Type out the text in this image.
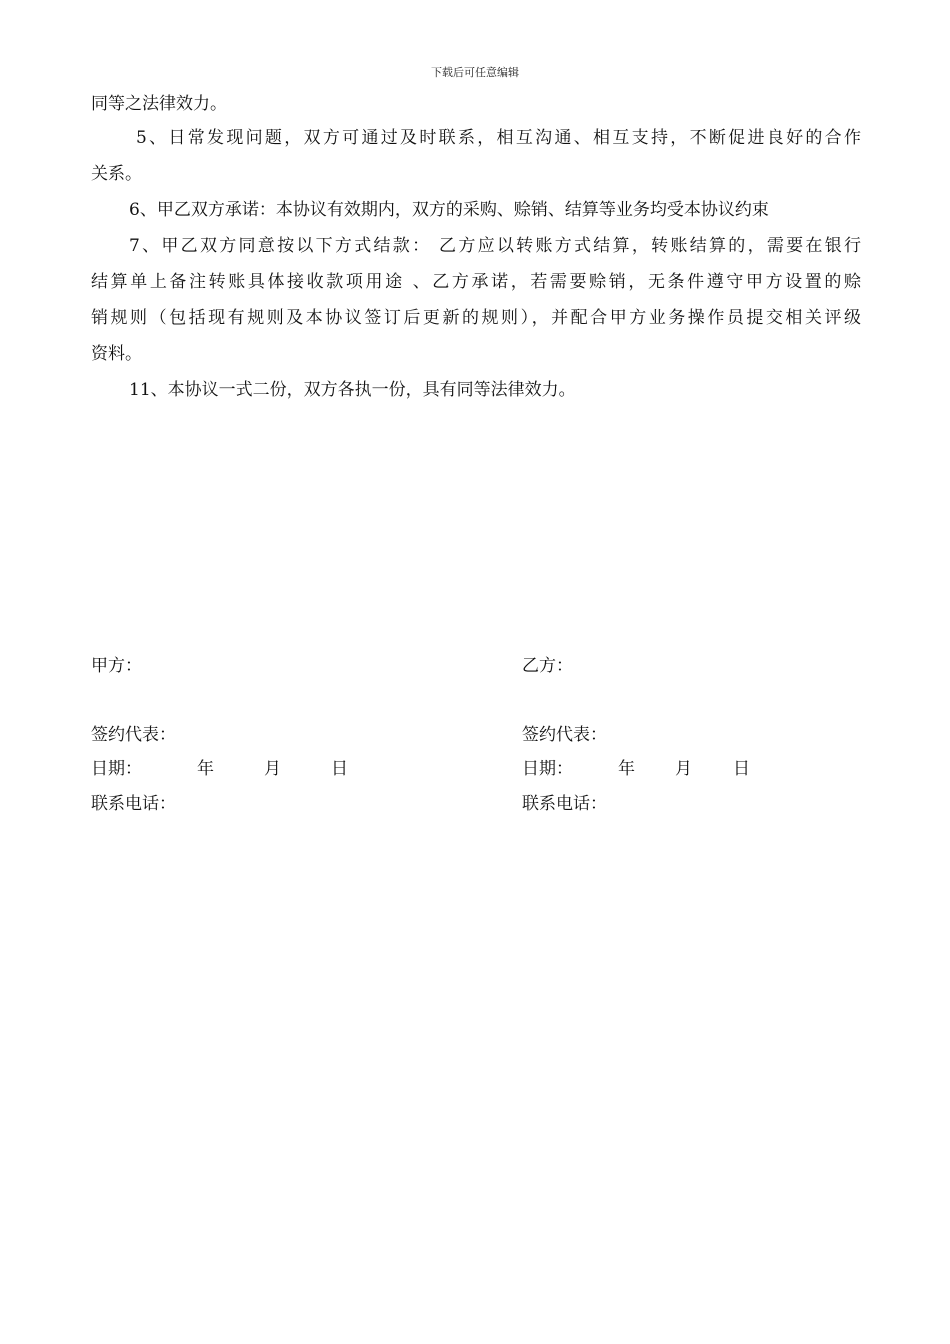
下载后可任意编辑
同等之法律效力。
5、日常发现问题，双方可通过及时联系，相互沟通、相互支持，不断促进良好的合作
关系。
6、甲乙双方承诺：本协议有效期内，双方的采购、赊销、结算等业务均受本协议约束
7、甲乙双方同意按以下方式结款： 乙方应以转账方式结算，转账结算的，需要在银行
结算单上备注转账具体接收款项用途 、乙方承诺，若需要赊销，无条件遵守甲方设置的赊
销规则（包括现有规则及本协议签订后更新的规则），并配合甲方业务操作员提交相关评级
资料。
11、本协议一式二份，双方各执一份，具有同等法律效力。
甲方：
签约代表：
日期：	年	月	日
联系电话：
乙方：
签约代表：
日期：	年 月 日
联系电话：
